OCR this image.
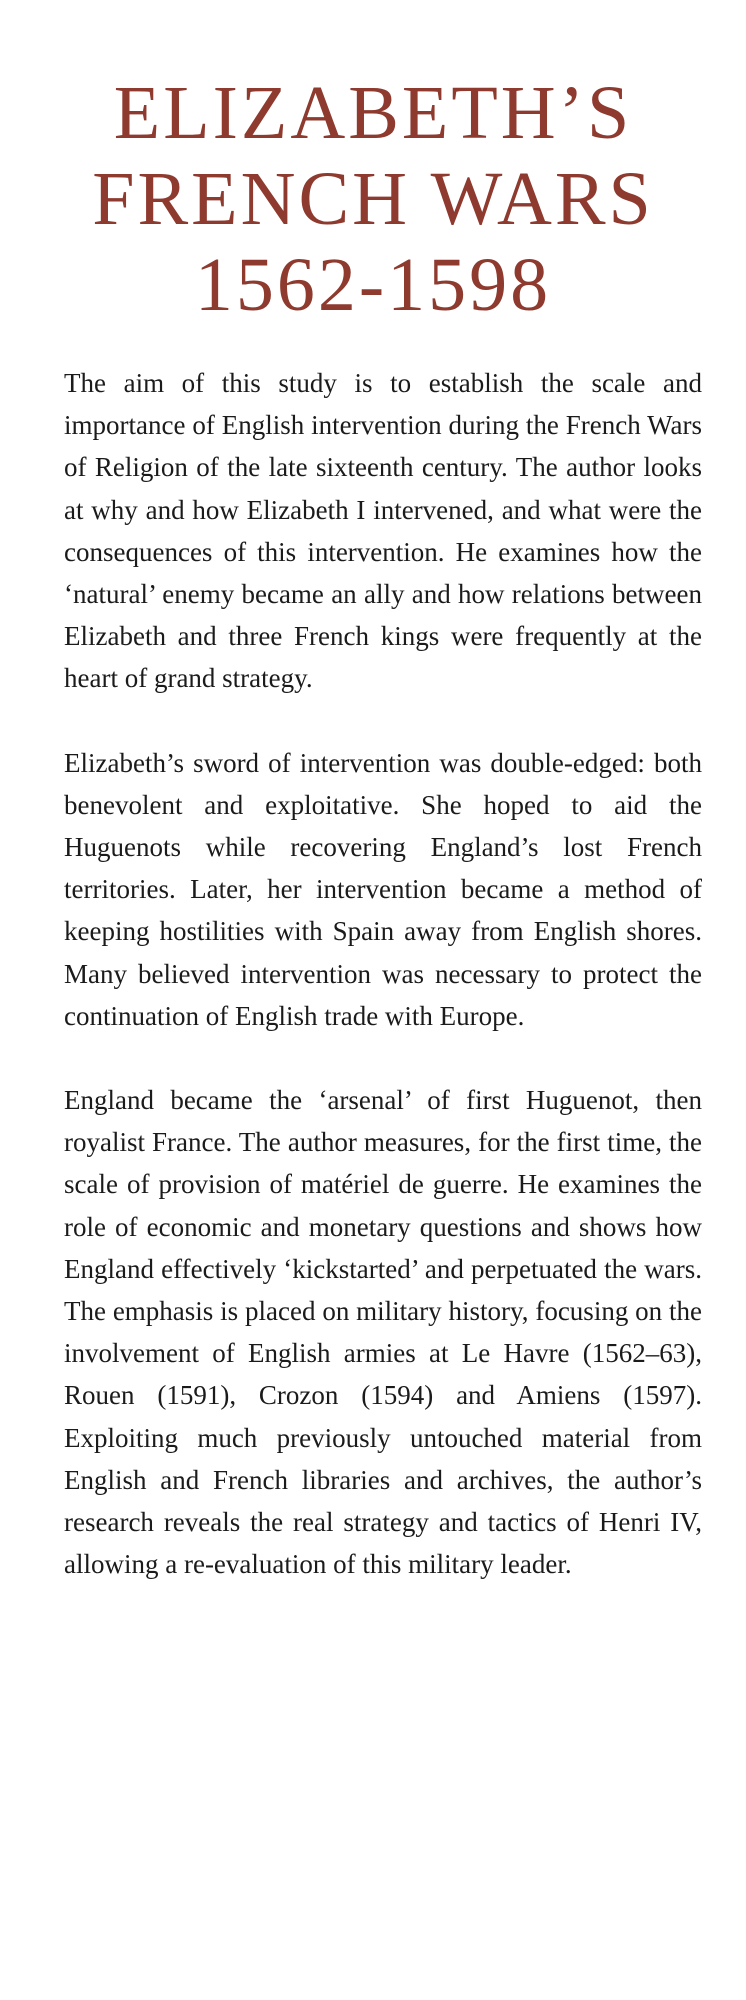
ELIZABETH’S
FRENCH WARS
1562-1598

The aim of this study is to establish the scale and importance of English intervention during the French Wars of Religion of the late sixteenth century. The author looks at why and how Elizabeth I intervened, and what were the consequences of this intervention. He examines how the ‘natural’ enemy became an ally and how relations between Elizabeth and three French kings were frequently at the heart of grand strategy.

Elizabeth’s sword of intervention was double-edged: both benevolent and exploitative. She hoped to aid the Huguenots while recovering England’s lost French territories. Later, her intervention became a method of keeping hostilities with Spain away from English shores. Many believed intervention was necessary to protect the continuation of English trade with Europe.

England became the ‘arsenal’ of first Huguenot, then royalist France. The author measures, for the first time, the scale of provision of matériel de guerre. He examines the role of economic and monetary questions and shows how England effectively ‘kickstarted’ and perpetuated the wars. The emphasis is placed on military history, focusing on the involvement of English armies at Le Havre (1562–63), Rouen (1591), Crozon (1594) and Amiens (1597). Exploiting much previously untouched material from English and French libraries and archives, the author’s research reveals the real strategy and tactics of Henri IV, allowing a re-evaluation of this military leader.
